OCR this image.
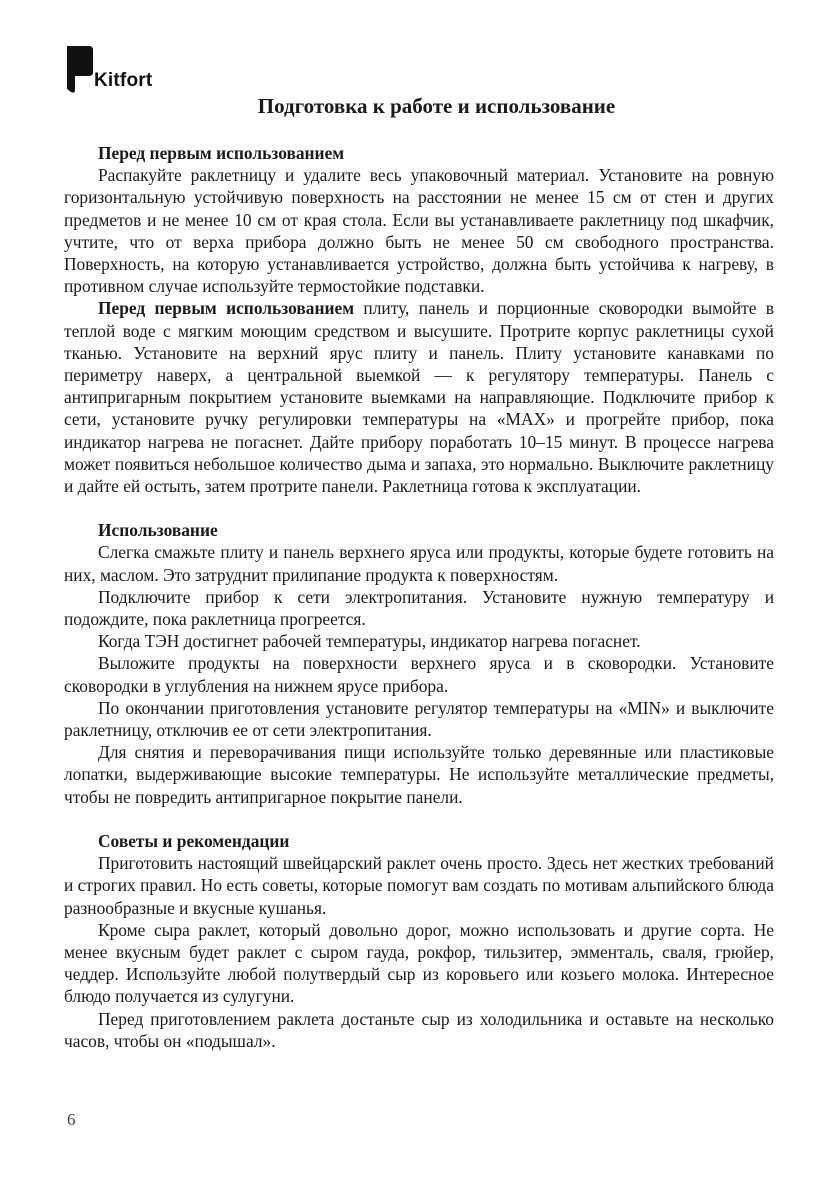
Kitfort
Подготовка к работе и использование

Перед первым использованием

Распакуйте раклетницу и удалите весь упаковочный материал. Установите на ровную горизонтальную устойчивую поверхность на расстоянии не менее 15 см от стен и других предметов и не менее 10 см от края стола. Если вы устанавливаете раклетницу под шкафчик, учтите, что от верха прибора должно быть не менее 50 см свободного пространства. Поверхность, на которую устанавливается устройство, должна быть устойчива к нагреву, в противном случае используйте термостойкие подставки.

Перед первым использованием плиту, панель и порционные сковородки вымойте в теплой воде с мягким моющим средством и высушите. Протрите корпус раклетницы сухой тканью. Установите на верхний ярус плиту и панель. Плиту установите канавками по периметру наверх, а центральной выемкой — к регулятору температуры. Панель с антипригарным покрытием установите выемками на направляющие. Подключите прибор к сети, установите ручку регулировки температуры на «MAX» и прогрейте прибор, пока индикатор нагрева не погаснет. Дайте прибору поработать 10–15 минут. В процессе нагрева может появиться небольшое количество дыма и запаха, это нормально. Выключите раклетницу и дайте ей остыть, затем протрите панели. Раклетница готова к эксплуатации.

Использование

Слегка смажьте плиту и панель верхнего яруса или продукты, которые будете готовить на них, маслом. Это затруднит прилипание продукта к поверхностям.

Подключите прибор к сети электропитания. Установите нужную температуру и подождите, пока раклетница прогреется.

Когда ТЭН достигнет рабочей температуры, индикатор нагрева погаснет.

Выложите продукты на поверхности верхнего яруса и в сковородки. Установите сковородки в углубления на нижнем ярусе прибора.

По окончании приготовления установите регулятор температуры на «MIN» и выключите раклетницу, отключив ее от сети электропитания.

Для снятия и переворачивания пищи используйте только деревянные или пластиковые лопатки, выдерживающие высокие температуры. Не используйте металлические предметы, чтобы не повредить антипригарное покрытие панели.

Советы и рекомендации

Приготовить настоящий швейцарский раклет очень просто. Здесь нет жестких требований и строгих правил. Но есть советы, которые помогут вам создать по мотивам альпийского блюда разнообразные и вкусные кушанья.

Кроме сыра раклет, который довольно дорог, можно использовать и другие сорта. Не менее вкусным будет раклет с сыром гауда, рокфор, тильзитер, эмменталь, сваля, грюйер, чеддер. Используйте любой полутвердый сыр из коровьего или козьего молока. Интересное блюдо получается из сулугуни.

Перед приготовлением раклета достаньте сыр из холодильника и оставьте на несколько часов, чтобы он «подышал».

6
